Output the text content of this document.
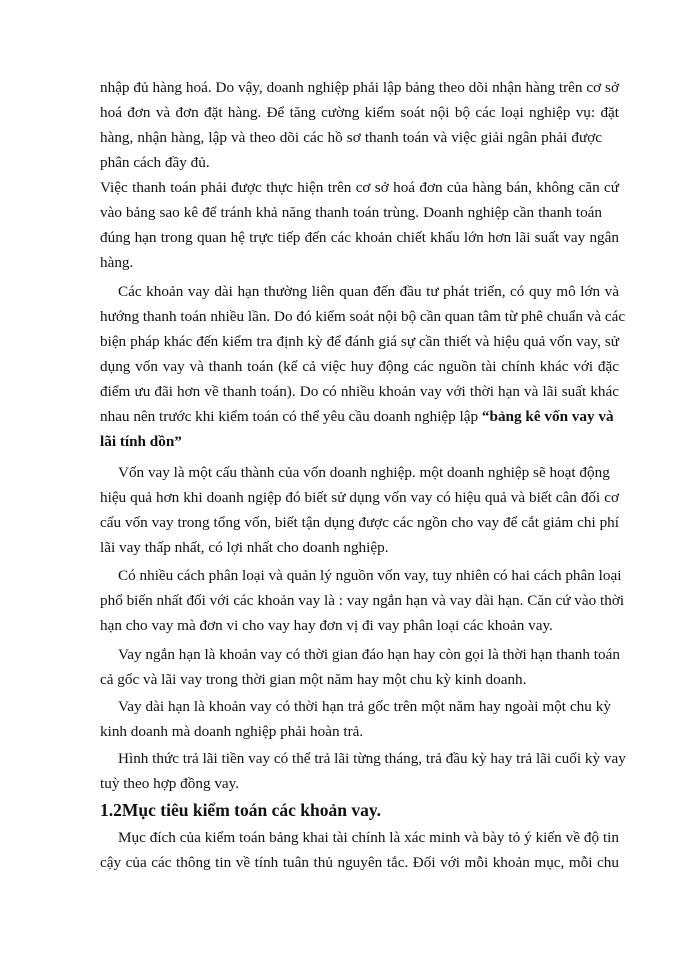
nhập đủ hàng hoá. Do vậy, doanh nghiệp phải lập bảng theo dõi nhận hàng trên cơ sở
hoá đơn và đơn đặt hàng. Để tăng cường kiểm soát nội bộ các loại nghiệp vụ: đặt
hàng, nhận hàng, lập và theo dõi các hồ sơ thanh toán và việc giải ngân phải được
phân cách đầy đủ.
Việc thanh toán phải được thực hiện trên cơ sở hoá đơn của hàng bán, không căn cứ
vào bảng sao kê để tránh khả năng thanh toán trùng. Doanh nghiệp cần thanh toán
đúng hạn trong quan hệ trực tiếp đến các khoản chiết khấu lớn hơn lãi suất vay ngân
hàng.
Các khoản vay dài hạn thường liên quan đến đầu tư phát triển, có quy mô lớn và
hướng thanh toán nhiều lần. Do đó kiểm soát nội bộ cần quan tâm từ phê chuẩn và các
biện pháp khác đến kiểm tra định kỳ để đánh giá sự cần thiết và hiệu quả vốn vay, sử
dụng vốn vay và thanh toán (kể cả việc huy động các nguồn tài chính khác với đặc
điểm ưu đãi hơn về thanh toán). Do có nhiều khoản vay với thời hạn và lãi suất khác
nhau nên trước khi kiểm toán có thể yêu cầu doanh nghiệp lập “bảng kê vốn vay và
lãi tính dồn”
Vốn vay là một cấu thành của vốn doanh nghiệp. một doanh nghiệp sẽ hoạt động
hiệu quả hơn khi doanh ngiệp đó biết sử dụng vốn vay có hiệu quả và biết cân đối cơ
cấu vốn vay trong tổng vốn, biết tận dụng được các ngồn cho vay để cắt giảm chi phí
lãi vay thấp nhất, có lợi nhất cho doanh nghiệp.
Có nhiều cách phân loại và quản lý nguồn vốn vay, tuy nhiên có hai cách phân loại
phổ biến nhất đối với các khoản vay là : vay ngắn hạn và vay dài hạn. Căn cứ vào thời
hạn cho vay mà đơn vi cho vay hay đơn vị đi vay phân loại các khoản vay.
Vay ngắn hạn là khoản vay có thời gian đáo hạn hay còn gọi là thời hạn thanh toán
cả gốc và lãi vay trong thời gian một năm hay một chu kỳ kinh doanh.
Vay dài hạn là khoản vay có thời hạn trả gốc trên một năm hay ngoài một chu kỳ
kinh doanh mà doanh nghiệp phải hoàn trả.
Hình thức trả lãi tiền vay có thể trả lãi từng tháng, trả đầu kỳ hay trả lãi cuối kỳ vay
tuỳ theo hợp đồng vay.
1.2Mục tiêu kiểm toán các khoản vay.
Mục đích của kiểm toán bảng khai tài chính là xác minh và bày tỏ ý kiến về độ tin
cậy của các thông tin về tính tuân thủ nguyên tắc. Đối với mỗi khoản mục, mỗi chu
